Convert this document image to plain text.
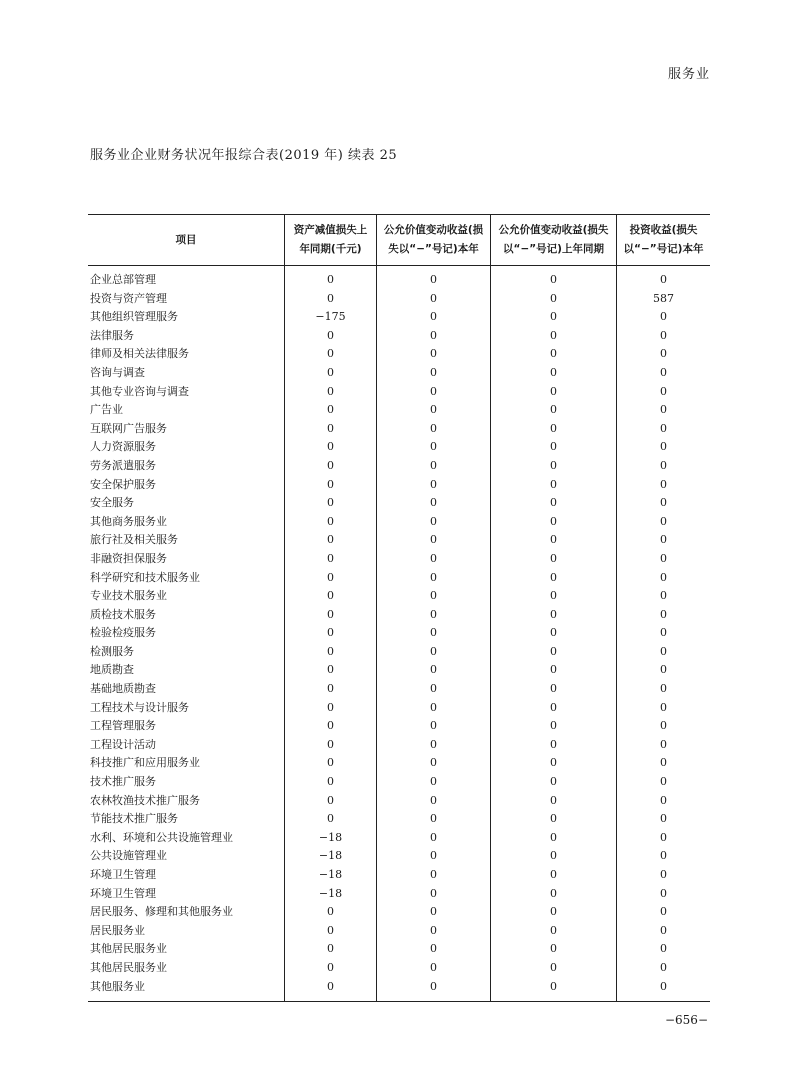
服务业
服务业企业财务状况年报综合表(2019 年) 续表 25
项目
资产减值损失上
年同期(千元)
公允价值变动收益(损
失以“−”号记)本年
公允价值变动收益(损失
以“−”号记)上年同期
投资收益(损失
以“−”号记)本年
企业总部管理
投资与资产管理
其他组织管理服务
法律服务
律师及相关法律服务
咨询与调查
其他专业咨询与调查
广告业
互联网广告服务
人力资源服务
劳务派遣服务
安全保护服务
安全服务
其他商务服务业
旅行社及相关服务
非融资担保服务
科学研究和技术服务业
专业技术服务业
质检技术服务
检验检疫服务
检测服务
地质勘查
基础地质勘查
工程技术与设计服务
工程管理服务
工程设计活动
科技推广和应用服务业
技术推广服务
农林牧渔技术推广服务
节能技术推广服务
水利、环境和公共设施管理业
公共设施管理业
环境卫生管理
环境卫生管理
居民服务、修理和其他服务业
居民服务业
其他居民服务业
其他居民服务业
其他服务业
0
0
−175
0
0
0
0
0
0
0
0
0
0
0
0
0
0
0
0
0
0
0
0
0
0
0
0
0
0
0
−18
−18
−18
−18
0
0
0
0
0
0
0
0
0
0
0
0
0
0
0
0
0
0
0
0
0
0
0
0
0
0
0
0
0
0
0
0
0
0
0
0
0
0
0
0
0
0
0
0
0
0
0
0
0
0
0
0
0
0
0
0
0
0
0
0
0
0
0
0
0
0
0
0
0
0
0
0
0
0
0
0
0
0
0
0
0
0
0
0
587
0
0
0
0
0
0
0
0
0
0
0
0
0
0
0
0
0
0
0
0
0
0
0
0
0
0
0
0
0
0
0
0
0
0
0
0
0
−656−
